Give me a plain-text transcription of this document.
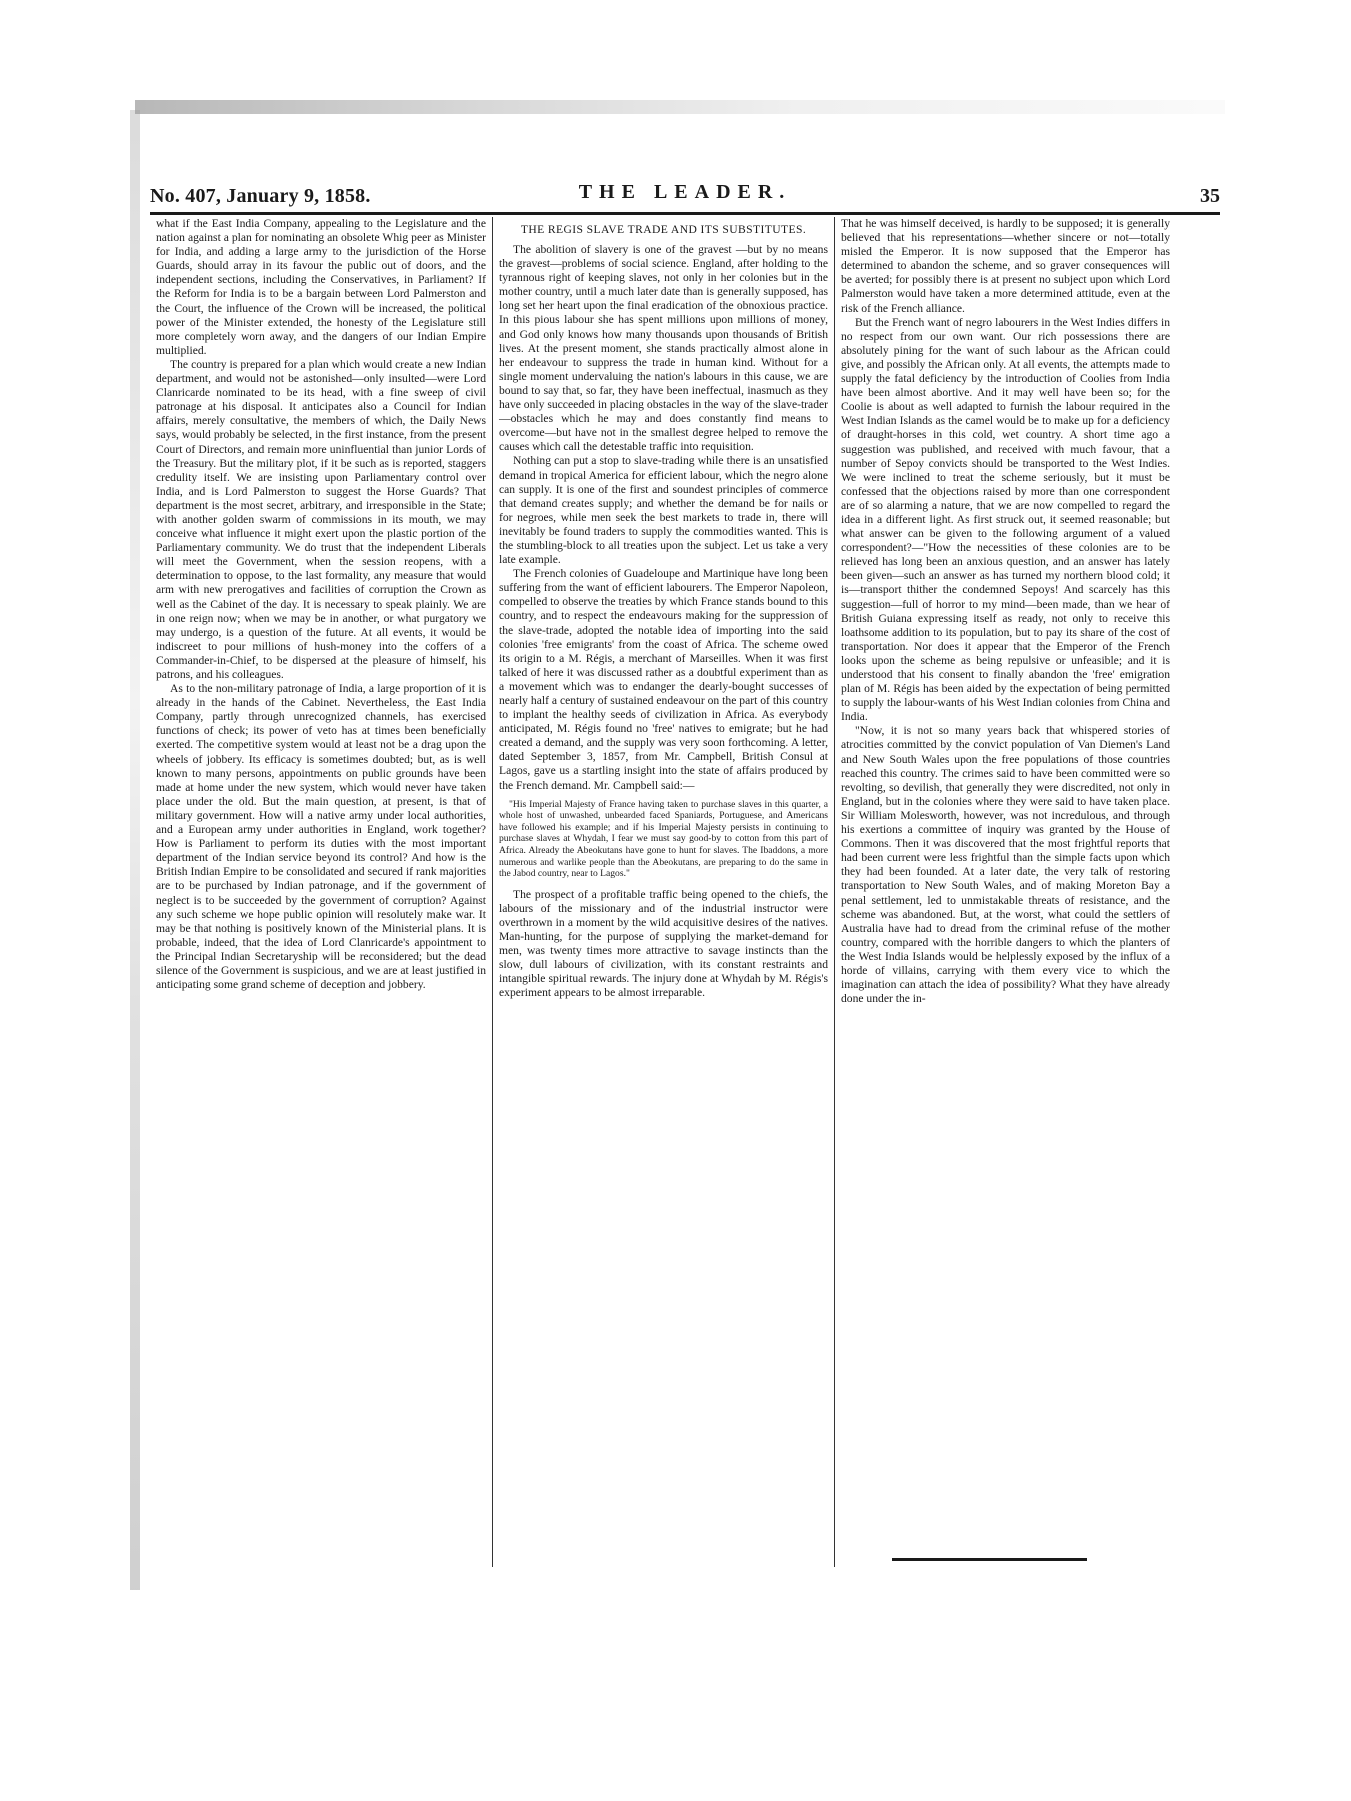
No. 407, January 9, 1858.	THE LEADER.	35

what if the East India Company, appealing to the Legislature and the nation against a plan for nominating an obsolete Whig peer as Minister for India, and adding a large army to the jurisdiction of the Horse Guards, should array in its favour the public out of doors, and the independent sections, including the Conservatives, in Parliament? If the Reform for India is to be a bargain between Lord Palmerston and the Court, the influence of the Crown will be increased, the political power of the Minister extended, the honesty of the Legislature still more completely worn away, and the dangers of our Indian Empire multiplied.

The country is prepared for a plan which would create a new Indian department, and would not be astonished—only insulted—were Lord Clanricarde nominated to be its head, with a fine sweep of civil patronage at his disposal. It anticipates also a Council for Indian affairs, merely consultative, the members of which, the Daily News says, would probably be selected, in the first instance, from the present Court of Directors, and remain more uninfluential than junior Lords of the Treasury. But the military plot, if it be such as is reported, staggers credulity itself. We are insisting upon Parliamentary control over India, and is Lord Palmerston to suggest the Horse Guards? That department is the most secret, arbitrary, and irresponsible in the State; with another golden swarm of commissions in its mouth, we may conceive what influence it might exert upon the plastic portion of the Parliamentary community. We do trust that the independent Liberals will meet the Government, when the session reopens, with a determination to oppose, to the last formality, any measure that would arm with new prerogatives and facilities of corruption the Crown as well as the Cabinet of the day. It is necessary to speak plainly. We are in one reign now; when we may be in another, or what purgatory we may undergo, is a question of the future. At all events, it would be indiscreet to pour millions of hush-money into the coffers of a Commander-in-Chief, to be dispersed at the pleasure of himself, his patrons, and his colleagues.

As to the non-military patronage of India, a large proportion of it is already in the hands of the Cabinet. Nevertheless, the East India Company, partly through unrecognized channels, has exercised functions of check; its power of veto has at times been beneficially exerted. The competitive system would at least not be a drag upon the wheels of jobbery. Its efficacy is sometimes doubted; but, as is well known to many persons, appointments on public grounds have been made at home under the new system, which would never have taken place under the old. But the main question, at present, is that of military government. How will a native army under local authorities, and a European army under authorities in England, work together? How is Parliament to perform its duties with the most important department of the Indian service beyond its control? And how is the British Indian Empire to be consolidated and secured if rank majorities are to be purchased by Indian patronage, and if the government of neglect is to be succeeded by the government of corruption? Against any such scheme we hope public opinion will resolutely make war. It may be that nothing is positively known of the Ministerial plans. It is probable, indeed, that the idea of Lord Clanricarde's appointment to the Principal Indian Secretaryship will be reconsidered; but the dead silence of the Government is suspicious, and we are at least justified in anticipating some grand scheme of deception and jobbery.

THE REGIS SLAVE TRADE AND ITS SUBSTITUTES.

The abolition of slavery is one of the gravest —but by no means the gravest—problems of social science. England, after holding to the tyrannous right of keeping slaves, not only in her colonies but in the mother country, until a much later date than is generally supposed, has long set her heart upon the final eradication of the obnoxious practice. In this pious labour she has spent millions upon millions of money, and God only knows how many thousands upon thousands of British lives. At the present moment, she stands practically almost alone in her endeavour to suppress the trade in human kind. Without for a single moment undervaluing the nation's labours in this cause, we are bound to say that, so far, they have been ineffectual, inasmuch as they have only succeeded in placing obstacles in the way of the slave-trader—obstacles which he may and does constantly find means to overcome—but have not in the smallest degree helped to remove the causes which call the detestable traffic into requisition.

Nothing can put a stop to slave-trading while there is an unsatisfied demand in tropical America for efficient labour, which the negro alone can supply. It is one of the first and soundest principles of commerce that demand creates supply; and whether the demand be for nails or for negroes, while men seek the best markets to trade in, there will inevitably be found traders to supply the commodities wanted. This is the stumbling-block to all treaties upon the subject. Let us take a very late example.

The French colonies of Guadeloupe and Martinique have long been suffering from the want of efficient labourers. The Emperor Napoleon, compelled to observe the treaties by which France stands bound to this country, and to respect the endeavours making for the suppression of the slave-trade, adopted the notable idea of importing into the said colonies 'free emigrants' from the coast of Africa. The scheme owed its origin to a M. Régis, a merchant of Marseilles. When it was first talked of here it was discussed rather as a doubtful experiment than as a movement which was to endanger the dearly-bought successes of nearly half a century of sustained endeavour on the part of this country to implant the healthy seeds of civilization in Africa. As everybody anticipated, M. Régis found no 'free' natives to emigrate; but he had created a demand, and the supply was very soon forthcoming. A letter, dated September 3, 1857, from Mr. Campbell, British Consul at Lagos, gave us a startling insight into the state of affairs produced by the French demand. Mr. Campbell said:—

"His Imperial Majesty of France having taken to purchase slaves in this quarter, a whole host of unwashed, unbearded faced Spaniards, Portuguese, and Americans have followed his example; and if his Imperial Majesty persists in continuing to purchase slaves at Whydah, I fear we must say good-by to cotton from this part of Africa. Already the Abeokutans have gone to hunt for slaves. The Ibaddons, a more numerous and warlike people than the Abeokutans, are preparing to do the same in the Jabod country, near to Lagos."

The prospect of a profitable traffic being opened to the chiefs, the labours of the missionary and of the industrial instructor were overthrown in a moment by the wild acquisitive desires of the natives. Man-hunting, for the purpose of supplying the market-demand for men, was twenty times more attractive to savage instincts than the slow, dull labours of civilization, with its constant restraints and intangible spiritual rewards. The injury done at Whydah by M. Régis's experiment appears to be almost irreparable.

That he was himself deceived, is hardly to be supposed; it is generally believed that his representations—whether sincere or not—totally misled the Emperor. It is now supposed that the Emperor has determined to abandon the scheme, and so graver consequences will be averted; for possibly there is at present no subject upon which Lord Palmerston would have taken a more determined attitude, even at the risk of the French alliance.

But the French want of negro labourers in the West Indies differs in no respect from our own want. Our rich possessions there are absolutely pining for the want of such labour as the African could give, and possibly the African only. At all events, the attempts made to supply the fatal deficiency by the introduction of Coolies from India have been almost abortive. And it may well have been so; for the Coolie is about as well adapted to furnish the labour required in the West Indian Islands as the camel would be to make up for a deficiency of draught-horses in this cold, wet country. A short time ago a suggestion was published, and received with much favour, that a number of Sepoy convicts should be transported to the West Indies. We were inclined to treat the scheme seriously, but it must be confessed that the objections raised by more than one correspondent are of so alarming a nature, that we are now compelled to regard the idea in a different light. As first struck out, it seemed reasonable; but what answer can be given to the following argument of a valued correspondent?—"How the necessities of these colonies are to be relieved has long been an anxious question, and an answer has lately been given—such an answer as has turned my northern blood cold; it is—transport thither the condemned Sepoys! And scarcely has this suggestion—full of horror to my mind—been made, than we hear of British Guiana expressing itself as ready, not only to receive this loathsome addition to its population, but to pay its share of the cost of transportation. Nor does it appear that the Emperor of the French looks upon the scheme as being repulsive or unfeasible; and it is understood that his consent to finally abandon the 'free' emigration plan of M. Régis has been aided by the expectation of being permitted to supply the labour-wants of his West Indian colonies from China and India.

"Now, it is not so many years back that whispered stories of atrocities committed by the convict population of Van Diemen's Land and New South Wales upon the free populations of those countries reached this country. The crimes said to have been committed were so revolting, so devilish, that generally they were discredited, not only in England, but in the colonies where they were said to have taken place. Sir William Molesworth, however, was not incredulous, and through his exertions a committee of inquiry was granted by the House of Commons. Then it was discovered that the most frightful reports that had been current were less frightful than the simple facts upon which they had been founded. At a later date, the very talk of restoring transportation to New South Wales, and of making Moreton Bay a penal settlement, led to unmistakable threats of resistance, and the scheme was abandoned. But, at the worst, what could the settlers of Australia have had to dread from the criminal refuse of the mother country, compared with the horrible dangers to which the planters of the West India Islands would be helplessly exposed by the influx of a horde of villains, carrying with them every vice to which the imagination can attach the idea of possibility? What they have already done under the in-
